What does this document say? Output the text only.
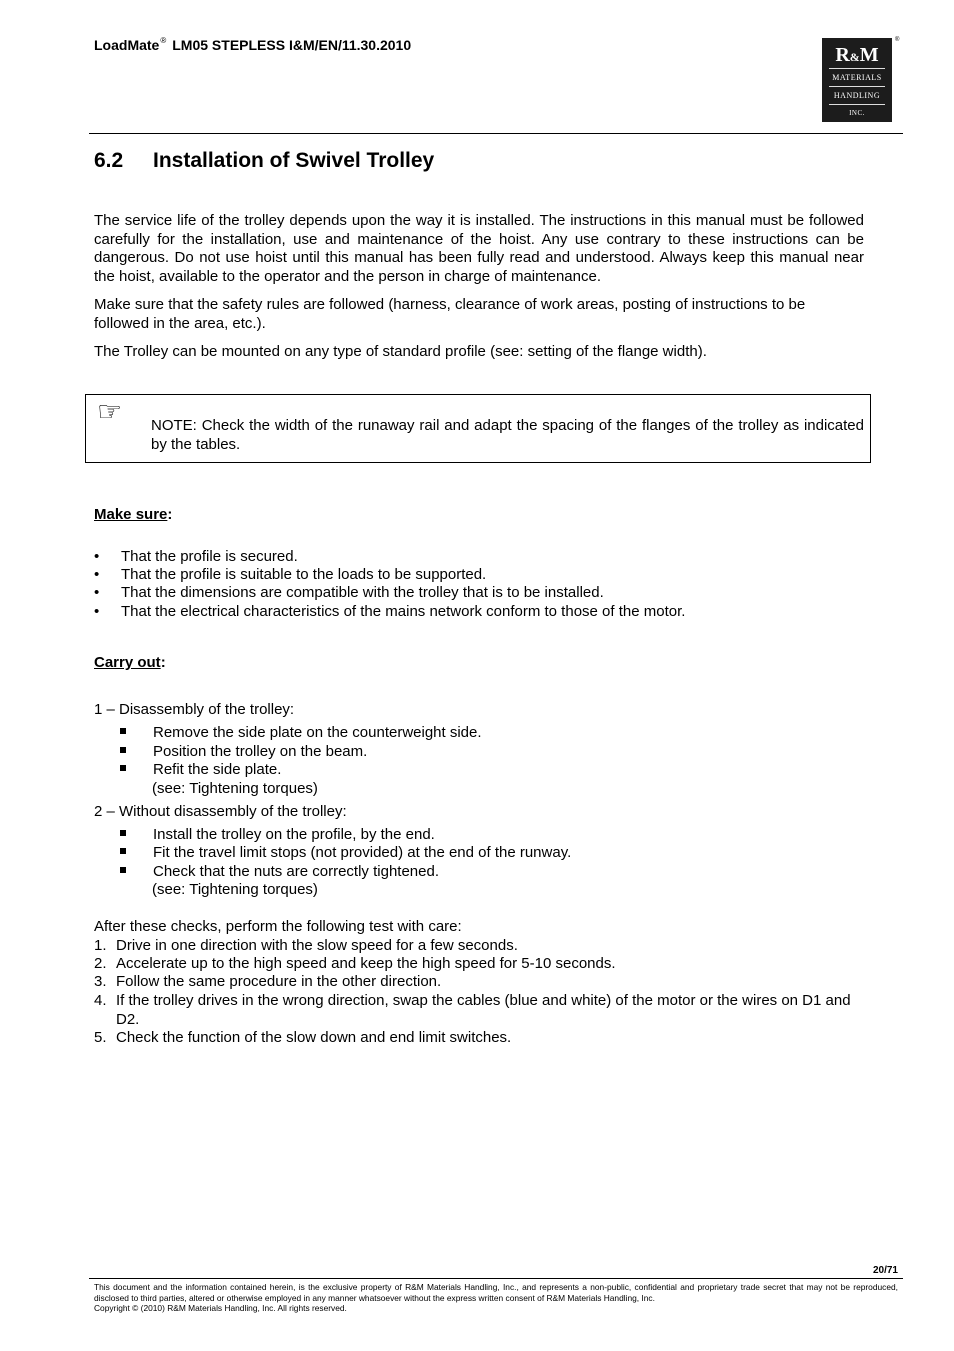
LoadMate® LM05 STEPLESS I&M/EN/11.30.2010	R&M
MATERIALS
HANDLING
INC.
®
6.2 Installation of Swivel Trolley
The service life of the trolley depends upon the way it is installed. The instructions in this manual must be followed carefully for the installation, use and maintenance of the hoist. Any use contrary to these instructions can be dangerous. Do not use hoist until this manual has been fully read and understood. Always keep this manual near the hoist, available to the operator and the person in charge of maintenance.
Make sure that the safety rules are followed (harness, clearance of work areas, posting of instructions to be followed in the area, etc.).
The Trolley can be mounted on any type of standard profile (see: setting of the flange width).
☞ NOTE: Check the width of the runaway rail and adapt the spacing of the flanges of the trolley as indicated by the tables.
Make sure:
• That the profile is secured.
• That the profile is suitable to the loads to be supported.
• That the dimensions are compatible with the trolley that is to be installed.
• That the electrical characteristics of the mains network conform to those of the motor.
Carry out:
1 – Disassembly of the trolley:
Remove the side plate on the counterweight side.
Position the trolley on the beam.
Refit the side plate.
(see: Tightening torques)
2 – Without disassembly of the trolley:
Install the trolley on the profile, by the end.
Fit the travel limit stops (not provided) at the end of the runway.
Check that the nuts are correctly tightened.
(see: Tightening torques)
After these checks, perform the following test with care:
1. Drive in one direction with the slow speed for a few seconds.
2. Accelerate up to the high speed and keep the high speed for 5-10 seconds.
3. Follow the same procedure in the other direction.
4. If the trolley drives in the wrong direction, swap the cables (blue and white) of the motor or the wires on D1 and D2.
5. Check the function of the slow down and end limit switches.
20/71
This document and the information contained herein, is the exclusive property of R&M Materials Handling, Inc., and represents a non-public, confidential and proprietary trade secret that may not be reproduced, disclosed to third parties, altered or otherwise employed in any manner whatsoever without the express written consent of R&M Materials Handling, Inc.
Copyright © (2010) R&M Materials Handling, Inc. All rights reserved.
